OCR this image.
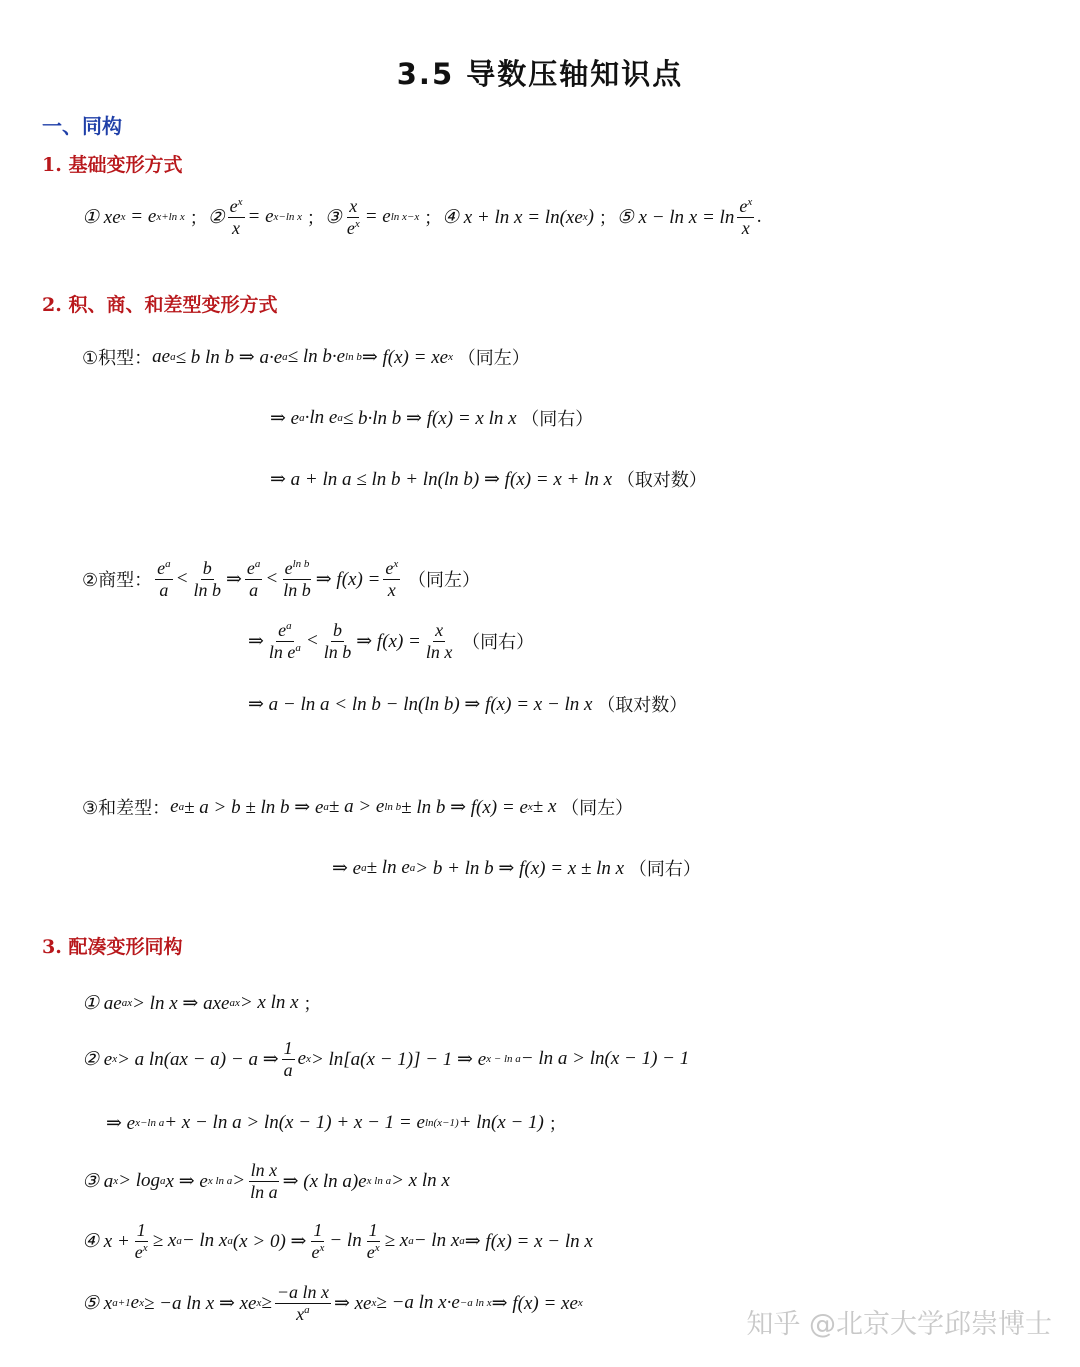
3.5 导数压轴知识点
一、同构
1. 基础变形方式
① xe x = e x+ln x
； ② $\frac{e^x}{x} = e$ x−ln x
； ③ $\frac{x}{e^x} = e$ ln x−x
； ④ x + ln x = ln(xe x ) ； ⑤ $x - \ln x = \ln \frac{e^x}{x}$ .
2. 积、商、和差型变形方式
①积型： ae a ≤ b ln b ⇒ a·e a ≤ ln b·e ln b ⇒ f(x) = xe x
（同左）
⇒ e a ·ln e a ≤ b·ln b ⇒ f(x) = x ln x （同右）
⇒ a + ln a ≤ ln b + ln(ln b) ⇒ f(x) = x + ln x （取对数）
②商型： $\frac{e^a}{a} < \frac{b}{\text{ln b}}$ ⇒ $\frac{e^a}{a} < \frac{e^{ln b}}{\text{ln b}}$ ⇒ $f(x) = \frac{e^x}{x}$
（同左）
⇒ $\frac{e^a}{\ln e^a} < \frac{b}{\text{ln b}}$ ⇒ $f(x) = \frac{x}{\text{ln x}}$
（同右）
⇒ a − ln a < ln b − ln(ln b) ⇒ f(x) = x − ln x （取对数）
③和差型： e a ± a > b ± ln b ⇒ e a ± a > e ln b ± ln b ⇒ f(x) = e x ± x （同左）
⇒ e a ± ln e a > b + ln b ⇒ f(x) = x ± ln x （同右）
3. 配凑变形同构
① ae ax > ln x ⇒ axe ax > x ln x ；
② e x > a ln(ax − a) − a ⇒ $\frac{1}{a}$ e x > ln[a(x − 1)] − 1 ⇒ e x − ln a − ln a > ln(x − 1) − 1
⇒ e x−ln a + x − ln a > ln(x − 1) + x − 1 = e ln(x−1) + ln(x − 1) ；
③ a x > log a x ⇒ e x $\ln a > \frac{\text{ln x}}{\text{ln a}}$ ⇒ (x ln a)e x ln a > x ln x
④ $x + \frac{1}{e^x} \ge x$ a − ln x a (x > 0) ⇒ $\frac{1}{e^x} - \ln \frac{1}{e^x} \ge x$ a − ln x a ⇒ f(x) = x − ln x
⑤ x a+1 e x ≥ −a ln x ⇒ xe $x \ge \frac{\text{−a ln x}}{x^a}$ ⇒ xe x ≥ −a ln x·e −a ln x ⇒ f(x) = xe x
知乎 @北京大学邱崇博士
